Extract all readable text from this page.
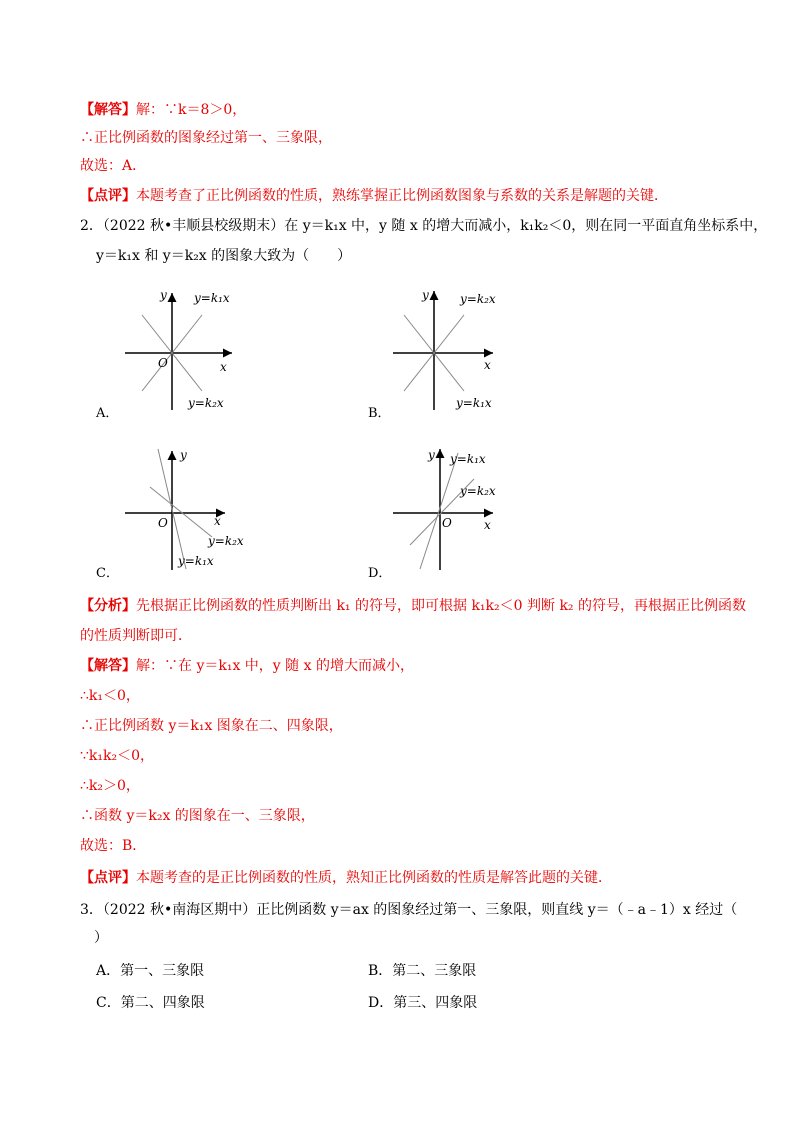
【解答】解：∵k＝8＞0，
∴正比例函数的图象经过第一、三象限，
故选：A．
【点评】本题考查了正比例函数的性质，熟练掌握正比例函数图象与系数的关系是解题的关键．
2．（2022 秋•丰顺县校级期末）在 y＝k₁x 中，y 随 x 的增大而减小，k₁k₂＜0，则在同一平面直角坐标系中，
y＝k₁x 和 y＝k₂x 的图象大致为（　　）
A．
y
x
O
y=k₁x
y=k₂x
B．
y
x
y=k₂x
y=k₁x
C．
y
x
O
y=k₂x
y=k₁x
D．
y
x
O
y=k₁x
y=k₂x
【分析】先根据正比例函数的性质判断出 k₁ 的符号，即可根据 k₁k₂＜0 判断 k₂ 的符号，再根据正比例函数
的性质判断即可．
【解答】解：∵在 y＝k₁x 中，y 随 x 的增大而减小，
∴k₁＜0，
∴正比例函数 y＝k₁x 图象在二、四象限，
∵k₁k₂＜0，
∴k₂＞0，
∴函数 y＝k₂x 的图象在一、三象限，
故选：B．
【点评】本题考查的是正比例函数的性质，熟知正比例函数的性质是解答此题的关键．
3．（2022 秋•南海区期中）正比例函数 y＝ax 的图象经过第一、三象限，则直线 y＝（﹣a﹣1）x 经过（
）
A．第一、三象限	B．第二、三象限
C．第二、四象限	D．第三、四象限
